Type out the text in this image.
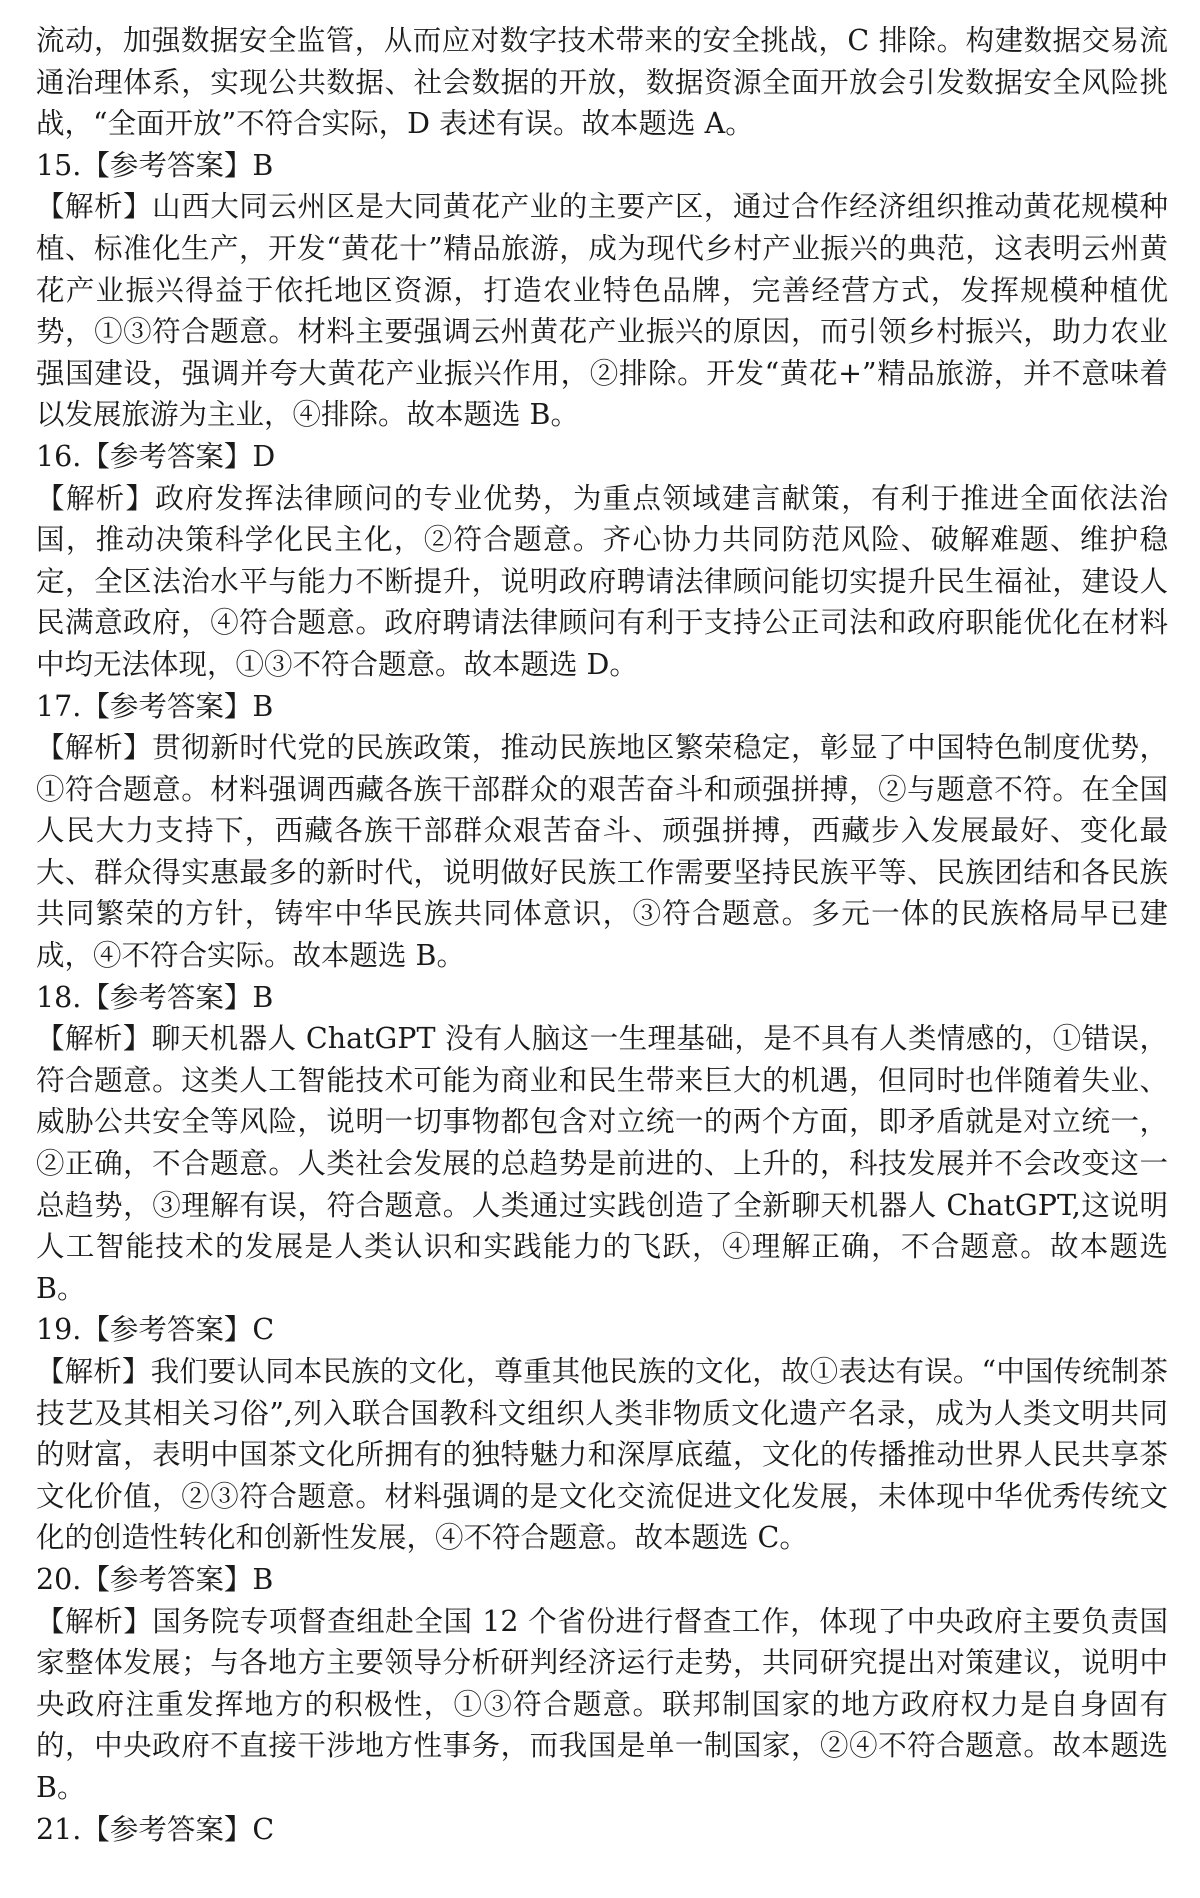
流动，加强数据安全监管，从而应对数字技术带来的安全挑战，C 排除。构建数据交易流通治理体系，实现公共数据、社会数据的开放，数据资源全面开放会引发数据安全风险挑战，“全面开放”不符合实际，D 表述有误。故本题选 A。

15.【参考答案】B

【解析】山西大同云州区是大同黄花产业的主要产区，通过合作经济组织推动黄花规模种植、标准化生产，开发“黄花十”精品旅游，成为现代乡村产业振兴的典范，这表明云州黄花产业振兴得益于依托地区资源，打造农业特色品牌，完善经营方式，发挥规模种植优势，①③符合题意。材料主要强调云州黄花产业振兴的原因，而引领乡村振兴，助力农业强国建设，强调并夸大黄花产业振兴作用，②排除。开发“黄花+”精品旅游，并不意味着以发展旅游为主业，④排除。故本题选 B。

16.【参考答案】D

【解析】政府发挥法律顾问的专业优势，为重点领域建言献策，有利于推进全面依法治国，推动决策科学化民主化，②符合题意。齐心协力共同防范风险、破解难题、维护稳定，全区法治水平与能力不断提升，说明政府聘请法律顾问能切实提升民生福祉，建设人民满意政府，④符合题意。政府聘请法律顾问有利于支持公正司法和政府职能优化在材料中均无法体现，①③不符合题意。故本题选 D。

17.【参考答案】B

【解析】贯彻新时代党的民族政策，推动民族地区繁荣稳定，彰显了中国特色制度优势，①符合题意。材料强调西藏各族干部群众的艰苦奋斗和顽强拼搏，②与题意不符。在全国人民大力支持下，西藏各族干部群众艰苦奋斗、顽强拼搏，西藏步入发展最好、变化最大、群众得实惠最多的新时代，说明做好民族工作需要坚持民族平等、民族团结和各民族共同繁荣的方针，铸牢中华民族共同体意识，③符合题意。多元一体的民族格局早已建成，④不符合实际。故本题选 B。

18.【参考答案】B

【解析】聊天机器人 ChatGPT 没有人脑这一生理基础，是不具有人类情感的，①错误，符合题意。这类人工智能技术可能为商业和民生带来巨大的机遇，但同时也伴随着失业、威胁公共安全等风险，说明一切事物都包含对立统一的两个方面，即矛盾就是对立统一，②正确，不合题意。人类社会发展的总趋势是前进的、上升的，科技发展并不会改变这一总趋势，③理解有误，符合题意。人类通过实践创造了全新聊天机器人 ChatGPT,这说明人工智能技术的发展是人类认识和实践能力的飞跃，④理解正确，不合题意。故本题选 B。

19.【参考答案】C

【解析】我们要认同本民族的文化，尊重其他民族的文化，故①表达有误。“中国传统制茶技艺及其相关习俗”,列入联合国教科文组织人类非物质文化遗产名录，成为人类文明共同的财富，表明中国茶文化所拥有的独特魅力和深厚底蕴，文化的传播推动世界人民共享茶文化价值，②③符合题意。材料强调的是文化交流促进文化发展，未体现中华优秀传统文化的创造性转化和创新性发展，④不符合题意。故本题选 C。

20.【参考答案】B

【解析】国务院专项督查组赴全国 12 个省份进行督查工作，体现了中央政府主要负责国家整体发展；与各地方主要领导分析研判经济运行走势，共同研究提出对策建议，说明中央政府注重发挥地方的积极性，①③符合题意。联邦制国家的地方政府权力是自身固有的，中央政府不直接干涉地方性事务，而我国是单一制国家，②④不符合题意。故本题选 B。

21.【参考答案】C
